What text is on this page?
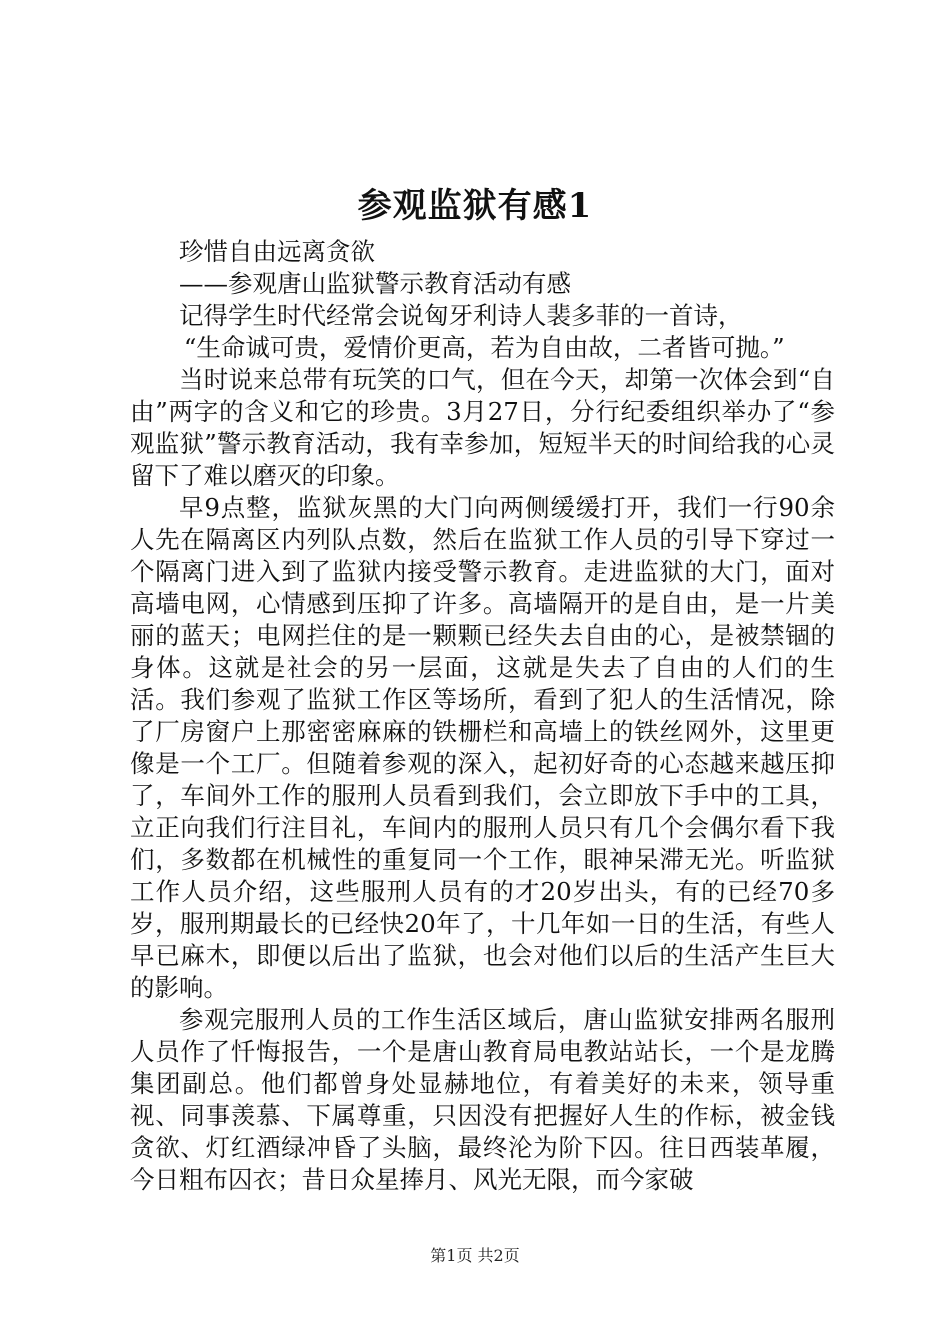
参观监狱有感1

珍惜自由远离贪欲

——参观唐山监狱警示教育活动有感

记得学生时代经常会说匈牙利诗人裴多菲的一首诗，

“生命诚可贵，爱情价更高，若为自由故，二者皆可抛。”

当时说来总带有玩笑的口气，但在今天，却第一次体会到“自由”两字的含义和它的珍贵。3月27日，分行纪委组织举办了“参观监狱”警示教育活动，我有幸参加，短短半天的时间给我的心灵留下了难以磨灭的印象。

早9点整，监狱灰黑的大门向两侧缓缓打开，我们一行90余人先在隔离区内列队点数，然后在监狱工作人员的引导下穿过一个隔离门进入到了监狱内接受警示教育。走进监狱的大门，面对高墙电网，心情感到压抑了许多。高墙隔开的是自由，是一片美丽的蓝天；电网拦住的是一颗颗已经失去自由的心，是被禁锢的身体。这就是社会的另一层面，这就是失去了自由的人们的生活。我们参观了监狱工作区等场所，看到了犯人的生活情况，除了厂房窗户上那密密麻麻的铁栅栏和高墙上的铁丝网外，这里更像是一个工厂。但随着参观的深入，起初好奇的心态越来越压抑了，车间外工作的服刑人员看到我们，会立即放下手中的工具，立正向我们行注目礼，车间内的服刑人员只有几个会偶尔看下我们，多数都在机械性的重复同一个工作，眼神呆滞无光。听监狱工作人员介绍，这些服刑人员有的才20岁出头，有的已经70多岁，服刑期最长的已经快20年了，十几年如一日的生活，有些人早已麻木，即便以后出了监狱，也会对他们以后的生活产生巨大的影响。

参观完服刑人员的工作生活区域后，唐山监狱安排两名服刑人员作了忏悔报告，一个是唐山教育局电教站站长，一个是龙腾集团副总。他们都曾身处显赫地位，有着美好的未来，领导重视、同事羡慕、下属尊重，只因没有把握好人生的作标，被金钱贪欲、灯红酒绿冲昏了头脑，最终沦为阶下囚。往日西装革履，今日粗布囚衣；昔日众星捧月、风光无限，而今家破

第1页 共2页
